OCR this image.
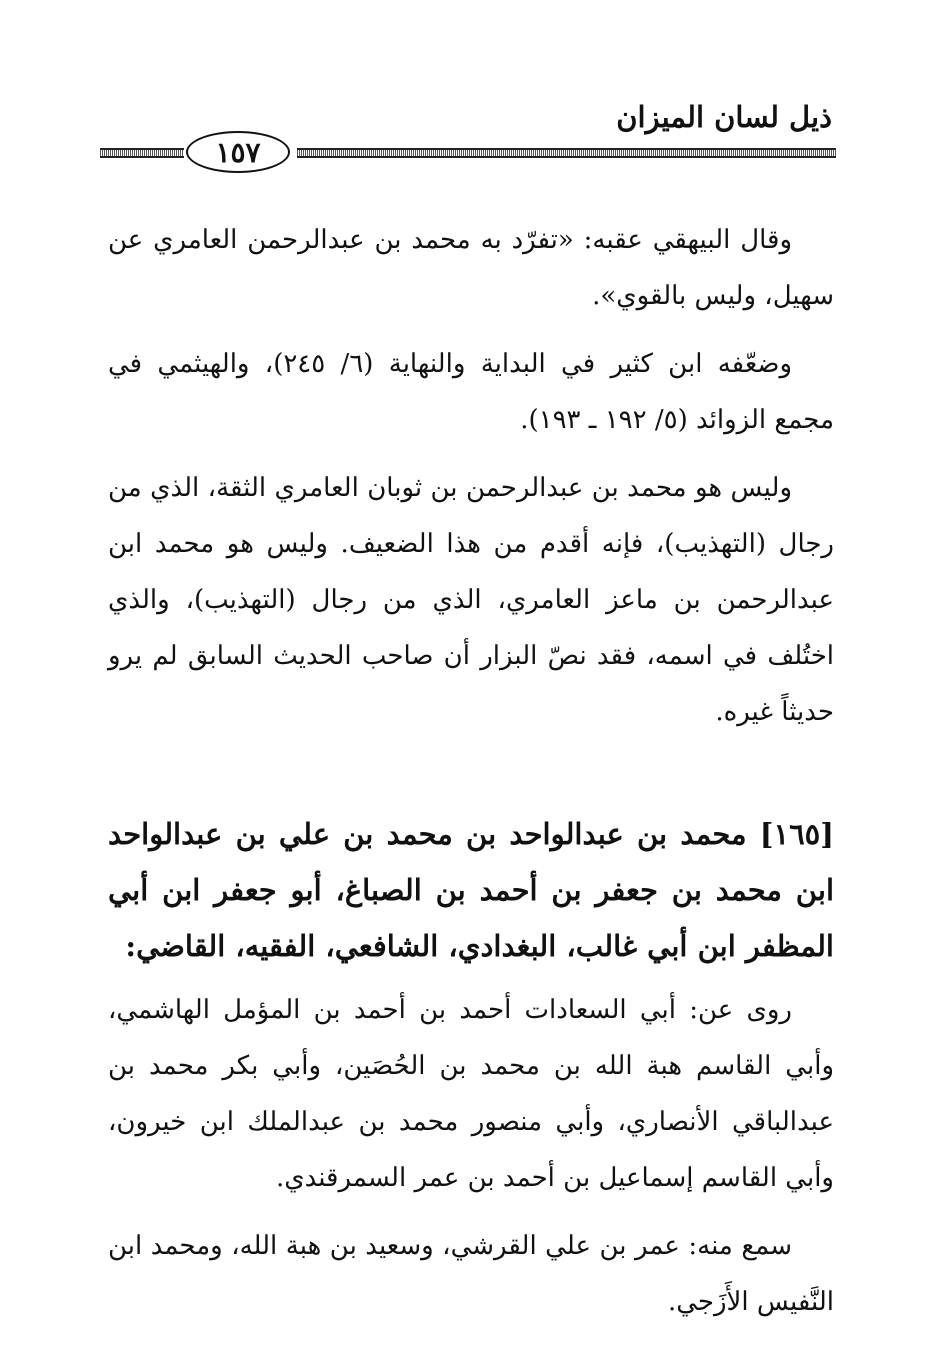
ذيل لسان الميزان
١٥٧

وقال البيهقي عقبه: «تفرّد به محمد بن عبدالرحمن العامري عن سهيل، وليس بالقوي».

وضعّفه ابن كثير في البداية والنهاية (٦/ ٢٤٥)، والهيثمي في مجمع الزوائد (٥/ ١٩٢ ـ ١٩٣).

وليس هو محمد بن عبدالرحمن بن ثوبان العامري الثقة، الذي من رجال (التهذيب)، فإنه أقدم من هذا الضعيف. وليس هو محمد ابن عبدالرحمن بن ماعز العامري، الذي من رجال (التهذيب)، والذي اختُلف في اسمه، فقد نصّ البزار أن صاحب الحديث السابق لم يرو حديثاً غيره.

[١٦٥] محمد بن عبدالواحد بن محمد بن علي بن عبدالواحد ابن محمد بن جعفر بن أحمد بن الصباغ، أبو جعفر ابن أبي المظفر ابن أبي غالب، البغدادي، الشافعي، الفقيه، القاضي:

روى عن: أبي السعادات أحمد بن أحمد بن المؤمل الهاشمي، وأبي القاسم هبة الله بن محمد بن الحُصَين، وأبي بكر محمد بن عبدالباقي الأنصاري، وأبي منصور محمد بن عبدالملك ابن خيرون، وأبي القاسم إسماعيل بن أحمد بن عمر السمرقندي.

سمع منه: عمر بن علي القرشي، وسعيد بن هبة الله، ومحمد ابن النَّفيس الأَزَجي.
